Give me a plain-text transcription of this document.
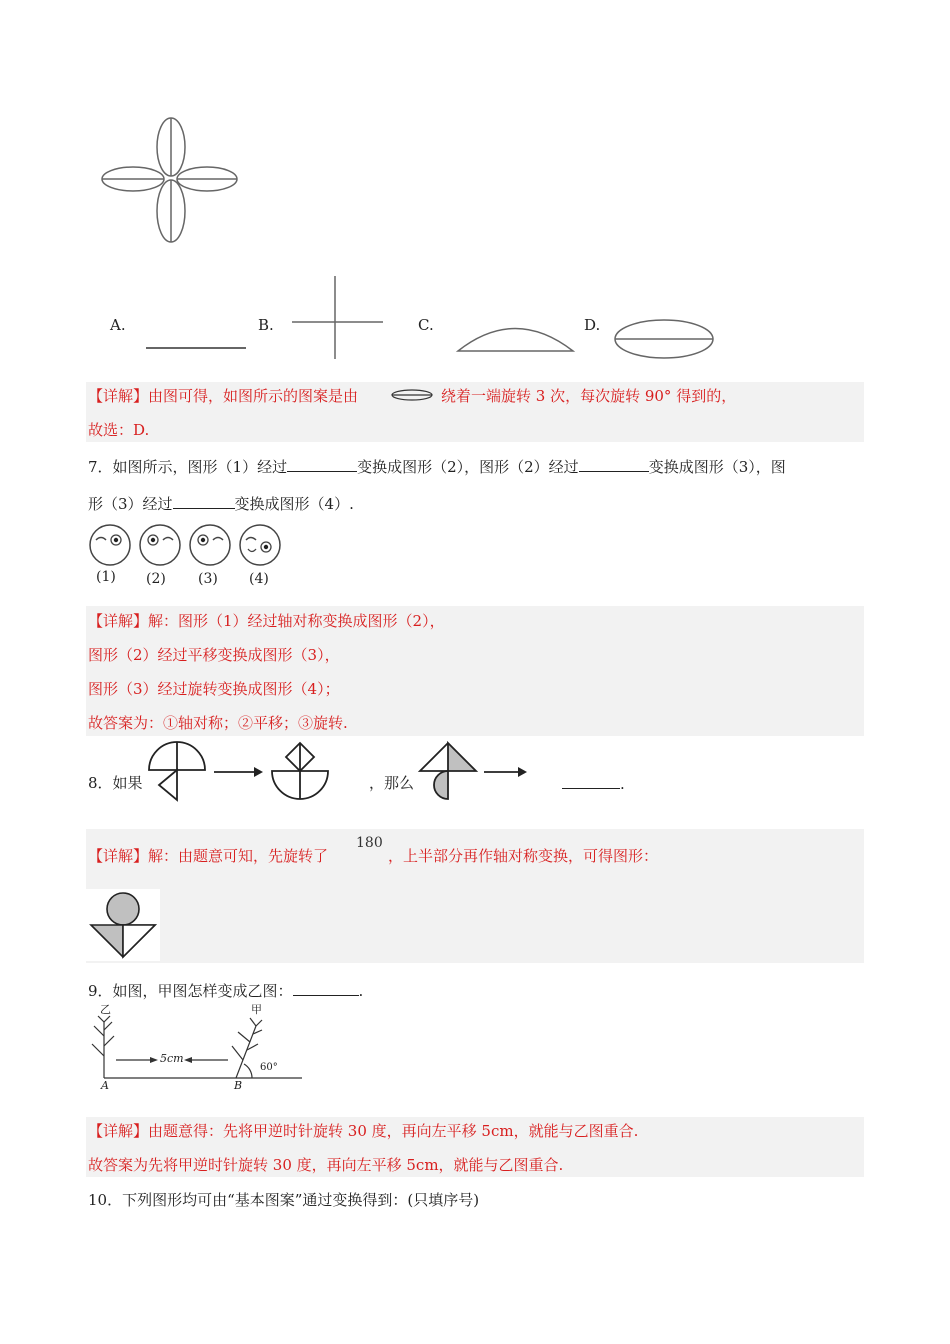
A.	B.	C.	D.
【详解】由图可得，如图所示的图案是由	绕着一端旋转 3 次，每次旋转 90° 得到的，
故选：D.
7．如图所示，图形（1）经过	变换成图形（2），图形（2）经过	变换成图形（3），图
形（3）经过	变换成图形（4）.
(1) (2) (3) (4)
【详解】解：图形（1）经过轴对称变换成图形（2），
图形（2）经过平移变换成图形（3），
图形（3）经过旋转变换成图形（4）；
故答案为：①轴对称；②平移；③旋转.
8．如果	，那么	.
【详解】解：由题意可知，先旋转了
180
，上半部分再作轴对称变换，可得图形：
9．如图，甲图怎样变成乙图：	.
乙	甲
5cm
60°
A	B
【详解】由题意得：先将甲逆时针旋转 30 度，再向左平移 5cm，就能与乙图重合.
故答案为先将甲逆时针旋转 30 度，再向左平移 5cm，就能与乙图重合.
10．下列图形均可由“基本图案”通过变换得到：(只填序号)
